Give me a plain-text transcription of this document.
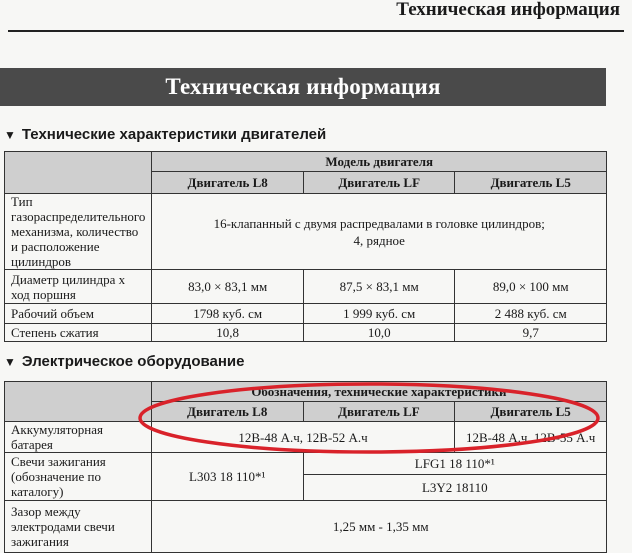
Техническая информация
Техническая информация
▼ Технические характеристики двигателей
	Модель двигателя		
	Двигатель L8	Двигатель LF	Двигатель L5
Тип газораспределительного механизма, количество и расположение цилиндров	16-клапанный с двумя распредвалами в головке цилиндров;
4, рядное		
Диаметр цилиндра x ход поршня	83,0 × 83,1 мм	87,5 × 83,1 мм	89,0 × 100 мм
Рабочий объем	1798 куб. см	1 999 куб. см	2 488 куб. см
Степень сжатия	10,8	10,0	9,7
▼ Электрическое оборудование
	Обозначения, технические характеристики		
	Двигатель L8	Двигатель LF	Двигатель L5
Аккумуляторная батарея	12В-48 А.ч, 12В-52 А.ч		12В-48 А.ч, 12В-55 А.ч
Свечи зажигания (обозначение по каталогу)	L303 18 110*¹	LFG1 18 110*¹	
		L3Y2 18110	
Зазор между электродами свечи зажигания	1,25 мм - 1,35 мм		
